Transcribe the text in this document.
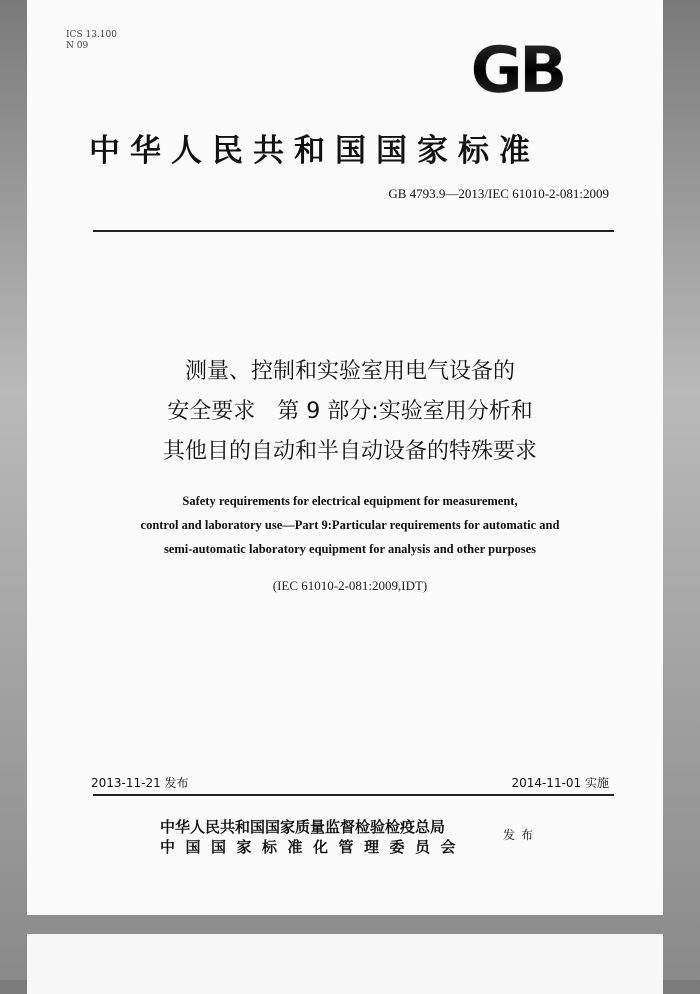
ICS 13.100
N 09	GB
中华人民共和国国家标准
GB 4793.9—2013/IEC 61010-2-081:2009
测量、控制和实验室用电气设备的
安全要求　第 9 部分:实验室用分析和
其他目的自动和半自动设备的特殊要求
Safety requirements for electrical equipment for measurement,
control and laboratory use—Part 9:Particular requirements for automatic and
semi-automatic laboratory equipment for analysis and other purposes
(IEC 61010-2-081:2009,IDT)
2013-11-21 发布	2014-11-01 实施
中华人民共和国国家质量监督检验检疫总局
中国国家标准化管理委员会
发布
